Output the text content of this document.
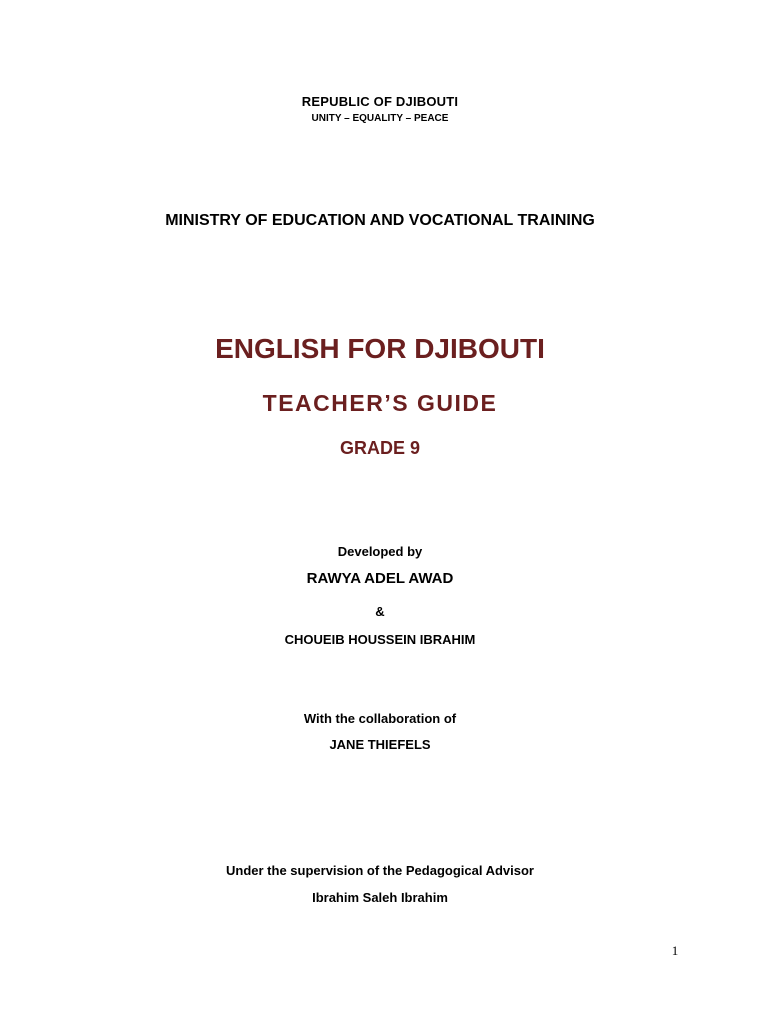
REPUBLIC OF DJIBOUTI
UNITY – EQUALITY – PEACE
MINISTRY OF EDUCATION AND VOCATIONAL TRAINING
ENGLISH FOR DJIBOUTI
TEACHER’S GUIDE
GRADE 9
Developed by
RAWYA ADEL AWAD
&
CHOUEIB HOUSSEIN IBRAHIM
With the collaboration of
JANE THIEFELS
Under the supervision of the Pedagogical Advisor
Ibrahim Saleh Ibrahim
1
